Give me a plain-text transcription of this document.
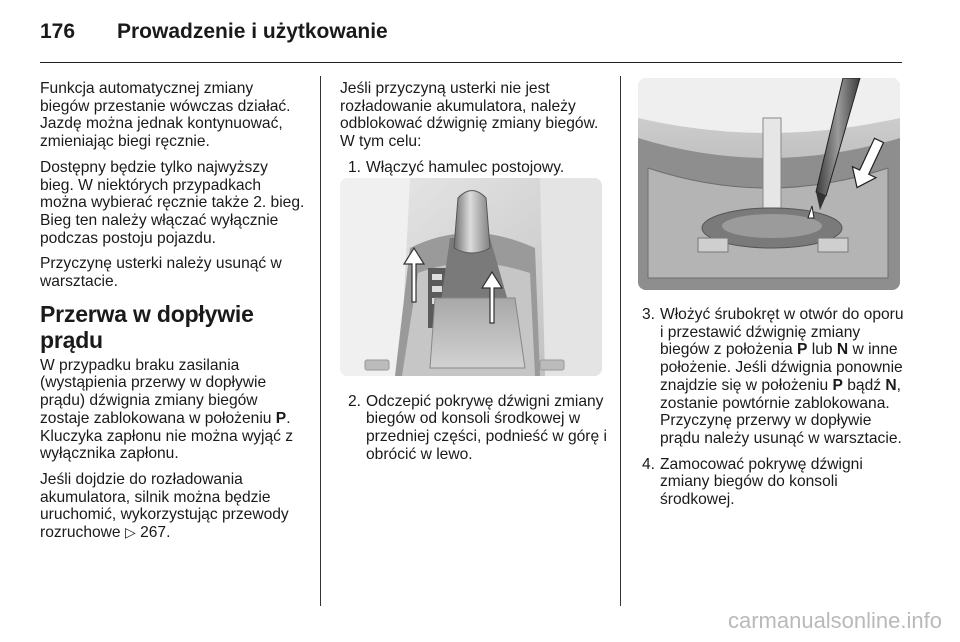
176 Prowadzenie i użytkowanie

Funkcja automatycznej zmiany biegów przestanie wówczas działać. Jazdę można jednak kontynuować, zmieniając biegi ręcznie.

Dostępny będzie tylko najwyższy bieg. W niektórych przypadkach można wybierać ręcznie także 2. bieg. Bieg ten należy włączać wyłącznie podczas postoju pojazdu.

Przyczynę usterki należy usunąć w warsztacie.

Przerwa w dopływie prądu

W przypadku braku zasilania (wystąpienia przerwy w dopływie prądu) dźwignia zmiany biegów zostaje zablokowana w położeniu P. Kluczyka zapłonu nie można wyjąć z wyłącznika zapłonu.

Jeśli dojdzie do rozładowania akumulatora, silnik można będzie uruchomić, wykorzystując przewody rozruchowe ▷ 267.

Jeśli przyczyną usterki nie jest rozładowanie akumulatora, należy odblokować dźwignię zmiany biegów. W tym celu:

1. Włączyć hamulec postojowy.
2. Odczepić pokrywę dźwigni zmiany biegów od konsoli środkowej w przedniej części, podnieść w górę i obrócić w lewo.
3. Włożyć śrubokręt w otwór do oporu i przestawić dźwignię zmiany biegów z położenia P lub N w inne położenie. Jeśli dźwignia ponownie znajdzie się w położeniu P bądź N, zostanie powtórnie zablokowana. Przyczynę przerwy w dopływie prądu należy usunąć w warsztacie.
4. Zamocować pokrywę dźwigni zmiany biegów do konsoli środkowej.
carmanualsonline.info
